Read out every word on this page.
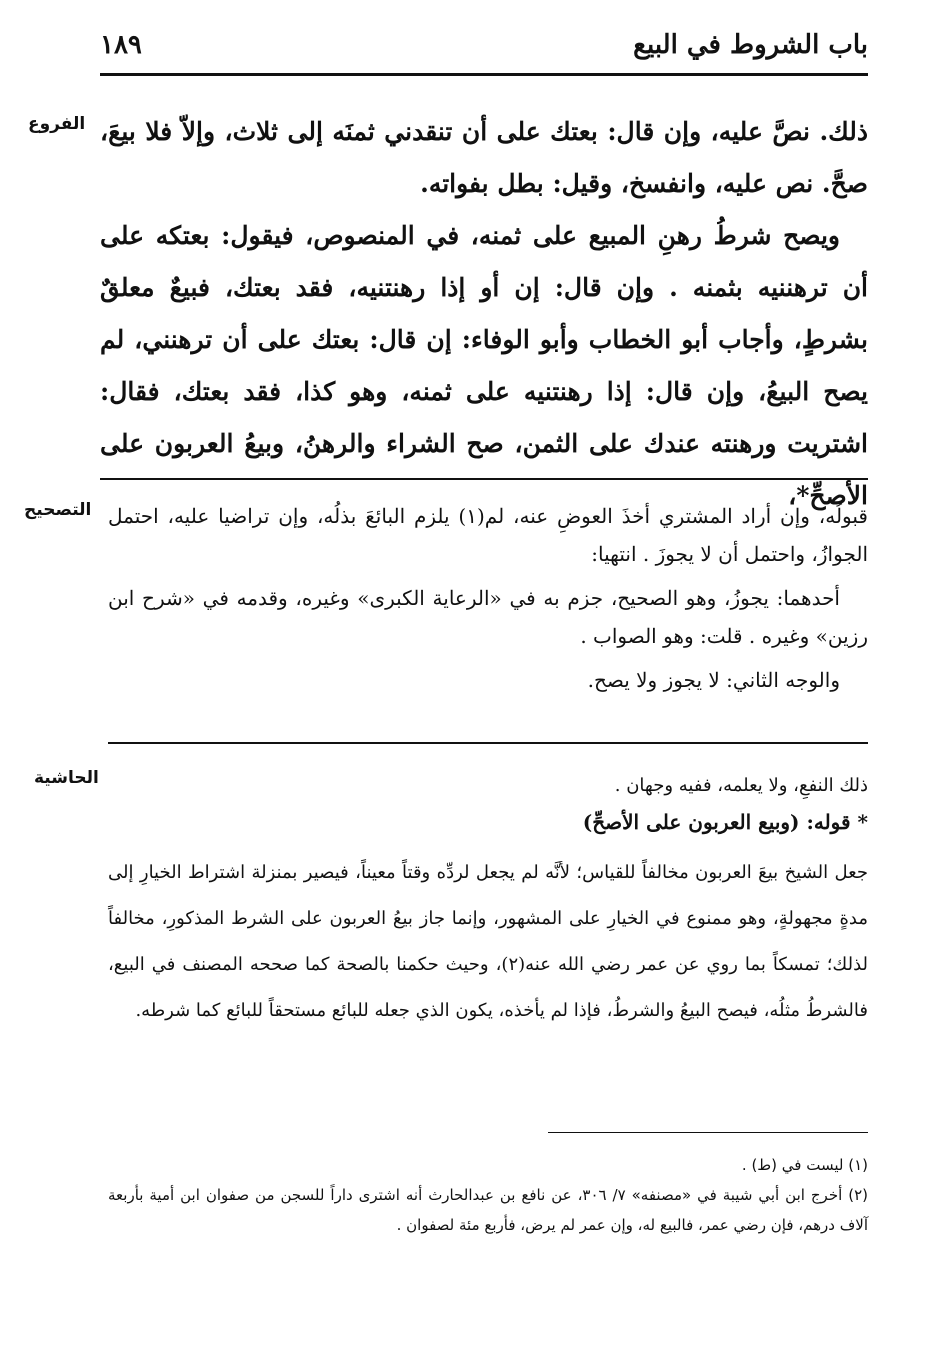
باب الشروط في البيع
١٨٩
الفروع ذلك. نصَّ عليه، وإن قال: بعتك على أن تنقدني ثمنَه إلى ثلاث، وإلاّ فلا بيعَ، صحَّ. نص عليه، وانفسخ، وقيل: بطل بفواته.

ويصح شرطُ رهنِ المبيع على ثمنه، في المنصوص، فيقول: بعتكه على أن ترهننيه بثمنه . وإن قال: إن أو إذا رهنتنيه، فقد بعتك، فبيعٌ معلقٌ بشرطٍ، وأجاب أبو الخطاب وأبو الوفاء: إن قال: بعتك على أن ترهنني، لم يصح البيعُ، وإن قال: إذا رهنتنيه على ثمنه، وهو كذا، فقد بعتك، فقال: اشتريت ورهنته عندك على الثمن، صح الشراء والرهنُ، وبيعُ العربون على الأصحِّ*،

التصحيح قبولُه، وإن أراد المشتري أخذَ العوضِ عنه، لم(١) يلزم البائعَ بذلُه، وإن تراضيا عليه، احتمل الجوازُ، واحتمل أن لا يجوزَ . انتهيا:

أحدهما: يجوزُ، وهو الصحيح، جزم به في «الرعاية الكبرى» وغيره، وقدمه في «شرح ابن رزين» وغيره . قلت: وهو الصواب .

والوجه الثاني: لا يجوز ولا يصح.

الحاشية	ذلك النفعِ، ولا يعلمه، ففيه وجهان .

* قوله: (وبيع العربون على الأصحِّ)

جعل الشيخ بيعَ العربون مخالفاً للقياس؛ لأنَّه لم يجعل لردِّه وقتاً معيناً، فيصير بمنزلة اشتراط الخيارِ إلى مدةٍ مجهولةٍ، وهو ممنوع في الخيارِ على المشهور، وإنما جاز بيعُ العربون على الشرط المذكورِ، مخالفاً لذلك؛ تمسكاً بما روي عن عمر رضي الله عنه(٢)، وحيث حكمنا بالصحة كما صححه المصنف في البيع، فالشرطُ مثلُه، فيصح البيعُ والشرطُ، فإذا لم يأخذه، يكون الذي جعله للبائع مستحقاً للبائع كما شرطه.

(١) ليست في (ط) .

(٢) أخرج ابن أبي شيبة في «مصنفه» ٧/ ٣٠٦، عن نافع بن عبدالحارث أنه اشترى داراً للسجن من صفوان ابن أمية بأربعة آلاف درهم، فإن رضي عمر، فالبيع له، وإن عمر لم يرض، فأربع مئة لصفوان .
